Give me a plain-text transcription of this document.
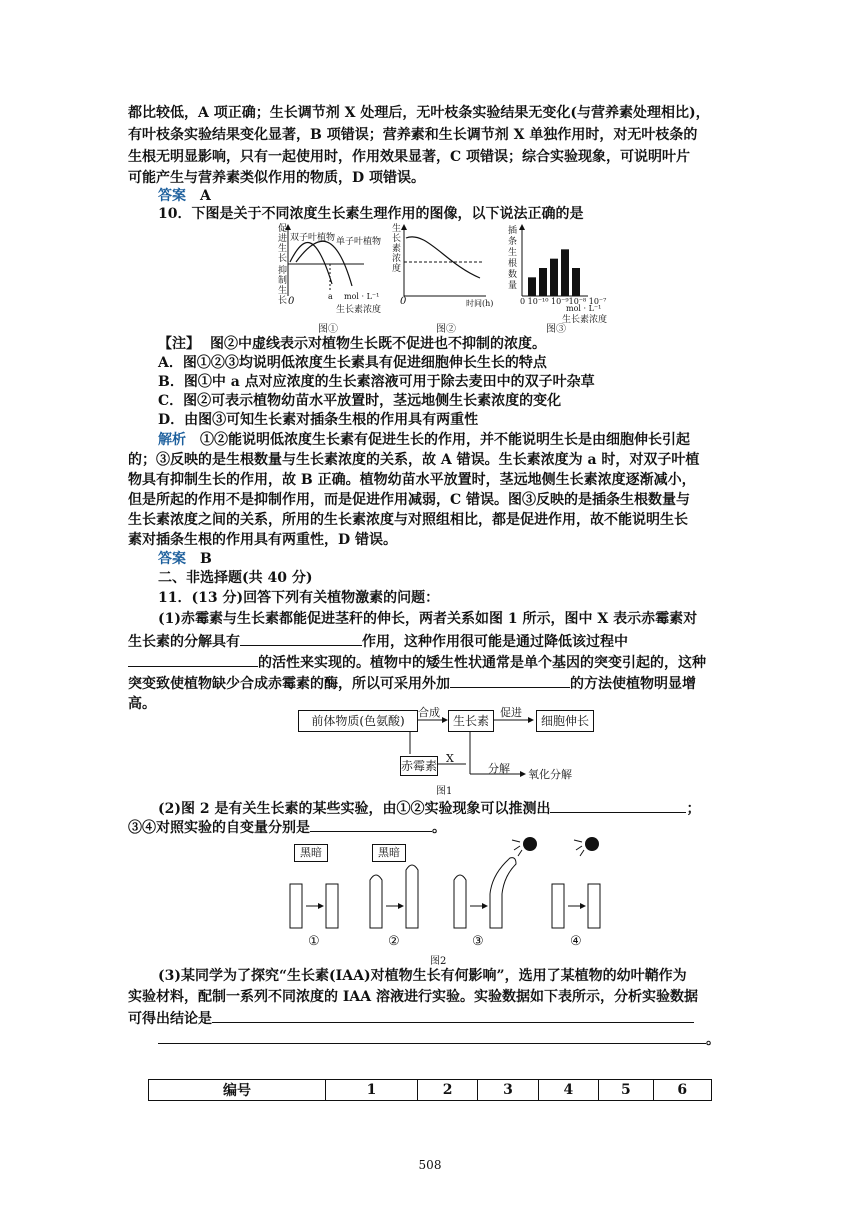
都比较低，A 项正确；生长调节剂 X 处理后，无叶枝条实验结果无变化(与营养素处理相比)，
有叶枝条实验结果变化显著，B 项错误；营养素和生长调节剂 X 单独作用时，对无叶枝条的
生根无明显影响，只有一起使用时，作用效果显著，C 项错误；综合实验现象，可说明叶片
可能产生与营养素类似作用的物质，D 项错误。
答案 A
10．下图是关于不同浓度生长素生理作用的图像，以下说法正确的是
促进生长
抑制生长
双子叶植物 单子叶植物
0	a mol · L⁻¹
生长素浓度
图①
生长素浓度
0	时间(h)
图②
插条生根数量
0 10⁻¹⁰ 10⁻⁹10⁻⁸ 10⁻⁷
mol · L⁻¹
生长素浓度
图③
【注】 图②中虚线表示对植物生长既不促进也不抑制的浓度。
A．图①②③均说明低浓度生长素具有促进细胞伸长生长的特点
B．图①中 a 点对应浓度的生长素溶液可用于除去麦田中的双子叶杂草
C．图②可表示植物幼苗水平放置时，茎远地侧生长素浓度的变化
D．由图③可知生长素对插条生根的作用具有两重性
解析 ①②能说明低浓度生长素有促进生长的作用，并不能说明生长是由细胞伸长引起
的；③反映的是生根数量与生长素浓度的关系，故 A 错误。生长素浓度为 a 时，对双子叶植
物具有抑制生长的作用，故 B 正确。植物幼苗水平放置时，茎远地侧生长素浓度逐渐减小，
但是所起的作用不是抑制作用，而是促进作用减弱，C 错误。图③反映的是插条生根数量与
生长素浓度之间的关系，所用的生长素浓度与对照组相比，都是促进作用，故不能说明生长
素对插条生根的作用具有两重性，D 错误。
答案 B
二、非选择题(共 40 分)
11．(13 分)回答下列有关植物激素的问题：
(1)赤霉素与生长素都能促进茎秆的伸长，两者关系如图 1 所示，图中 X 表示赤霉素对
生长素的分解具有	作用，这种作用很可能是通过降低该过程中
的活性来实现的。植物中的矮生性状通常是单个基因的突变引起的，这种
突变致使植物缺少合成赤霉素的酶，所以可采用外加	的方法使植物明显增
高。
前体物质(色氨酸)
合成
生长素
促进
细胞伸长
赤霉素
X
分解 氧化分解
图1
(2)图 2 是有关生长素的某些实验，由①②实验现象可以推测出	；
③④对照实验的自变量分别是	。
黑暗	黑暗
①	②	③	④
图2
(3)某同学为了探究“生长素(IAA)对植物生长有何影响”，选用了某植物的幼叶鞘作为
实验材料，配制一系列不同浓度的 IAA 溶液进行实验。实验数据如下表所示，分析实验数据
可得出结论是
。
编号	1	2	3	4	5	6
508
